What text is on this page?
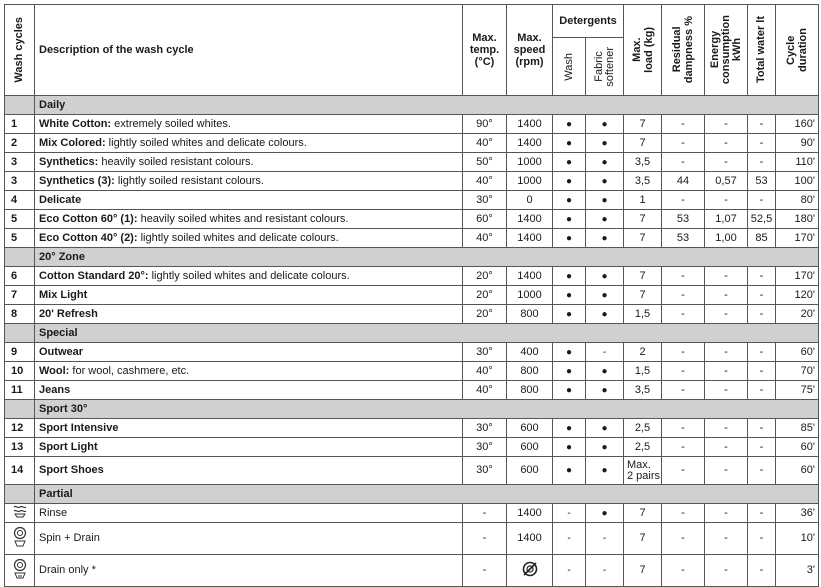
Wash cycles	Description of the wash cycle	Max.
temp.
(°C)	Max.
speed
(rpm)	Detergents		Max.
load (kg)	Residual
dampness %	Energy
consumption
kWh	Total water lt	Cycle
duration

				Wash	Fabric
softener					

	Daily									
1	White Cotton: extremely soiled whites.	90°	1400	●	●	7	-	-	-	160'
2	Mix Colored: lightly soiled whites and delicate colours.	40°	1400	●	●	7	-	-	-	90'
3	Synthetics: heavily soiled resistant colours.	50°	1000	●	●	3,5	-	-	-	110'
3	Synthetics (3): lightly soiled resistant colours.	40°	1000	●	●	3,5	44	0,57	53	100'
4	Delicate	30°	0	●	●	1	-	-	-	80'
5	Eco Cotton 60° (1): heavily soiled whites and resistant colours.	60°	1400	●	●	7	53	1,07	52,5	180'
5	Eco Cotton 40° (2): lightly soiled whites and delicate colours.	40°	1400	●	●	7	53	1,00	85	170'
	20° Zone									
6	Cotton Standard 20°: lightly soiled whites and delicate colours.	20°	1400	●	●	7	-	-	-	170'
7	Mix Light	20°	1000	●	●	7	-	-	-	120'
8	20' Refresh	20°	800	●	●	1,5	-	-	-	20'
	Special									
9	Outwear	30°	400	●	-	2	-	-	-	60'
10	Wool: for wool, cashmere, etc.	40°	800	●	●	1,5	-	-	-	70'
11	Jeans	40°	800	●	●	3,5	-	-	-	75'
	Sport 30°									
12	Sport Intensive	30°	600	●	●	2,5	-	-	-	85'
13	Sport Light	30°	600	●	●	2,5	-	-	-	60'
14	Sport Shoes	30°	600	●	●	Max.
2 pairs	-	-	-	60'
	Partial									
	Rinse	-	1400	-	●	7	-	-	-	36'
	Spin + Drain	-	1400	-	-	7	-	-	-	10'
	Drain only *	-		-	-	7	-	-	-	3'
